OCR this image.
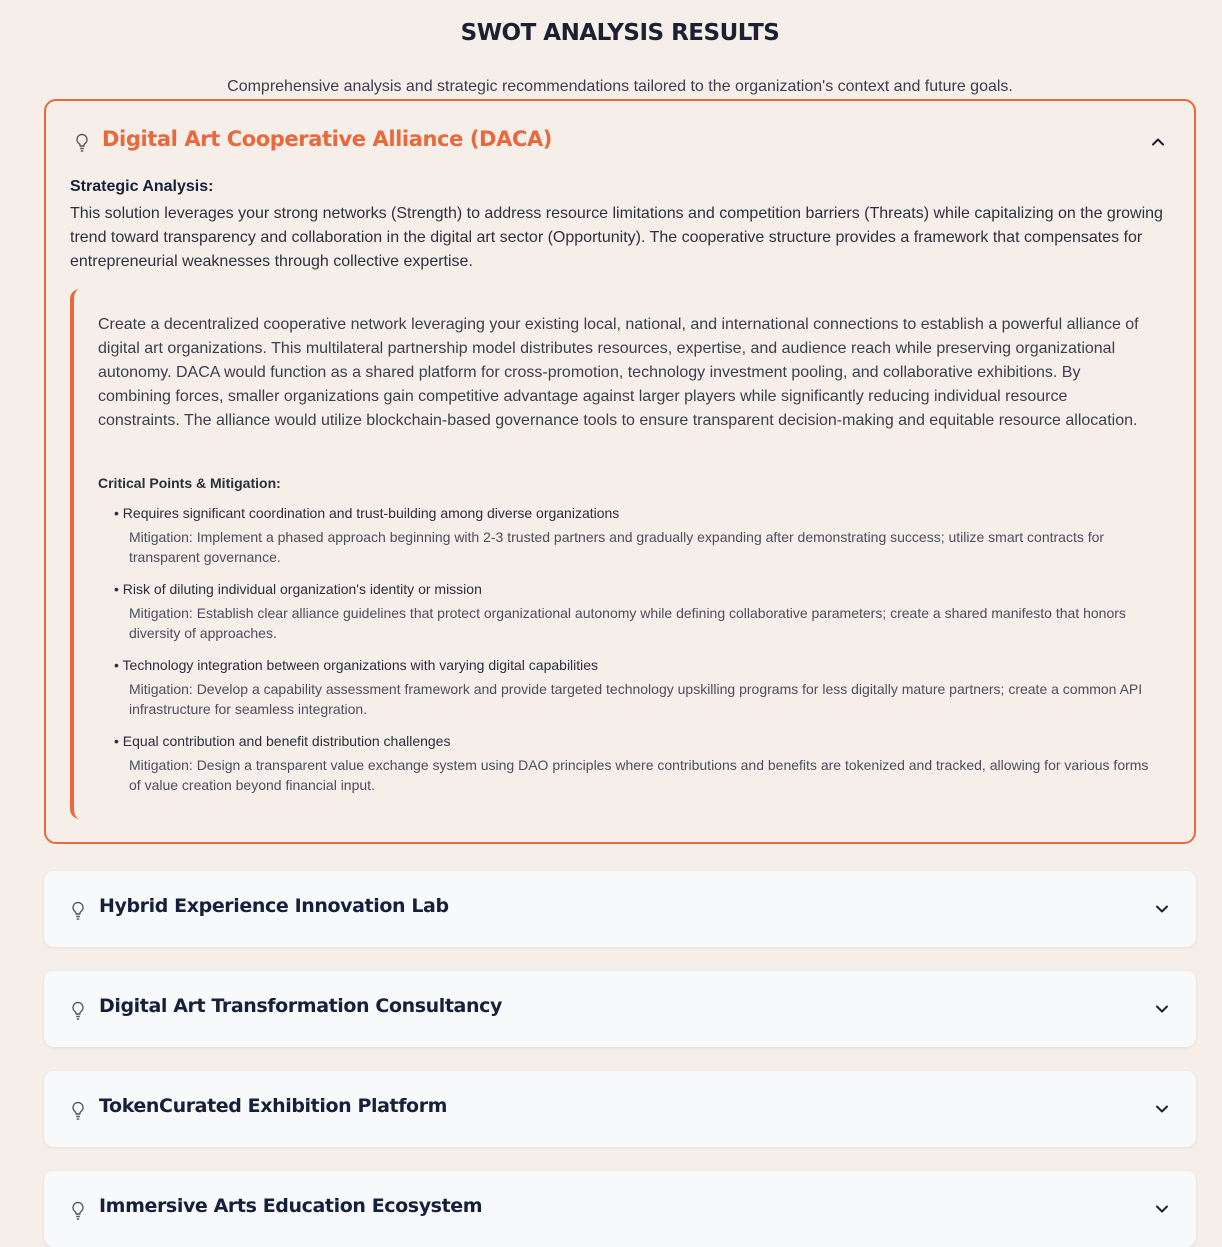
SWOT ANALYSIS RESULTS
Comprehensive analysis and strategic recommendations tailored to the organization's context and future goals.
Digital Art Cooperative Alliance (DACA)
Strategic Analysis:
This solution leverages your strong networks (Strength) to address resource limitations and competition barriers (Threats) while capitalizing on the growing trend toward transparency and collaboration in the digital art sector (Opportunity). The cooperative structure provides a framework that compensates for entrepreneurial weaknesses through collective expertise.
Create a decentralized cooperative network leveraging your existing local, national, and international connections to establish a powerful alliance of digital art organizations. This multilateral partnership model distributes resources, expertise, and audience reach while preserving organizational autonomy. DACA would function as a shared platform for cross-promotion, technology investment pooling, and collaborative exhibitions. By combining forces, smaller organizations gain competitive advantage against larger players while significantly reducing individual resource constraints. The alliance would utilize blockchain-based governance tools to ensure transparent decision-making and equitable resource allocation.
Critical Points & Mitigation:
• Requires significant coordination and trust-building among diverse organizations
Mitigation: Implement a phased approach beginning with 2-3 trusted partners and gradually expanding after demonstrating success; utilize smart contracts for transparent governance.
• Risk of diluting individual organization's identity or mission
Mitigation: Establish clear alliance guidelines that protect organizational autonomy while defining collaborative parameters; create a shared manifesto that honors diversity of approaches.
• Technology integration between organizations with varying digital capabilities
Mitigation: Develop a capability assessment framework and provide targeted technology upskilling programs for less digitally mature partners; create a common API infrastructure for seamless integration.
• Equal contribution and benefit distribution challenges
Mitigation: Design a transparent value exchange system using DAO principles where contributions and benefits are tokenized and tracked, allowing for various forms of value creation beyond financial input.
Hybrid Experience Innovation Lab
Digital Art Transformation Consultancy
TokenCurated Exhibition Platform
Immersive Arts Education Ecosystem
